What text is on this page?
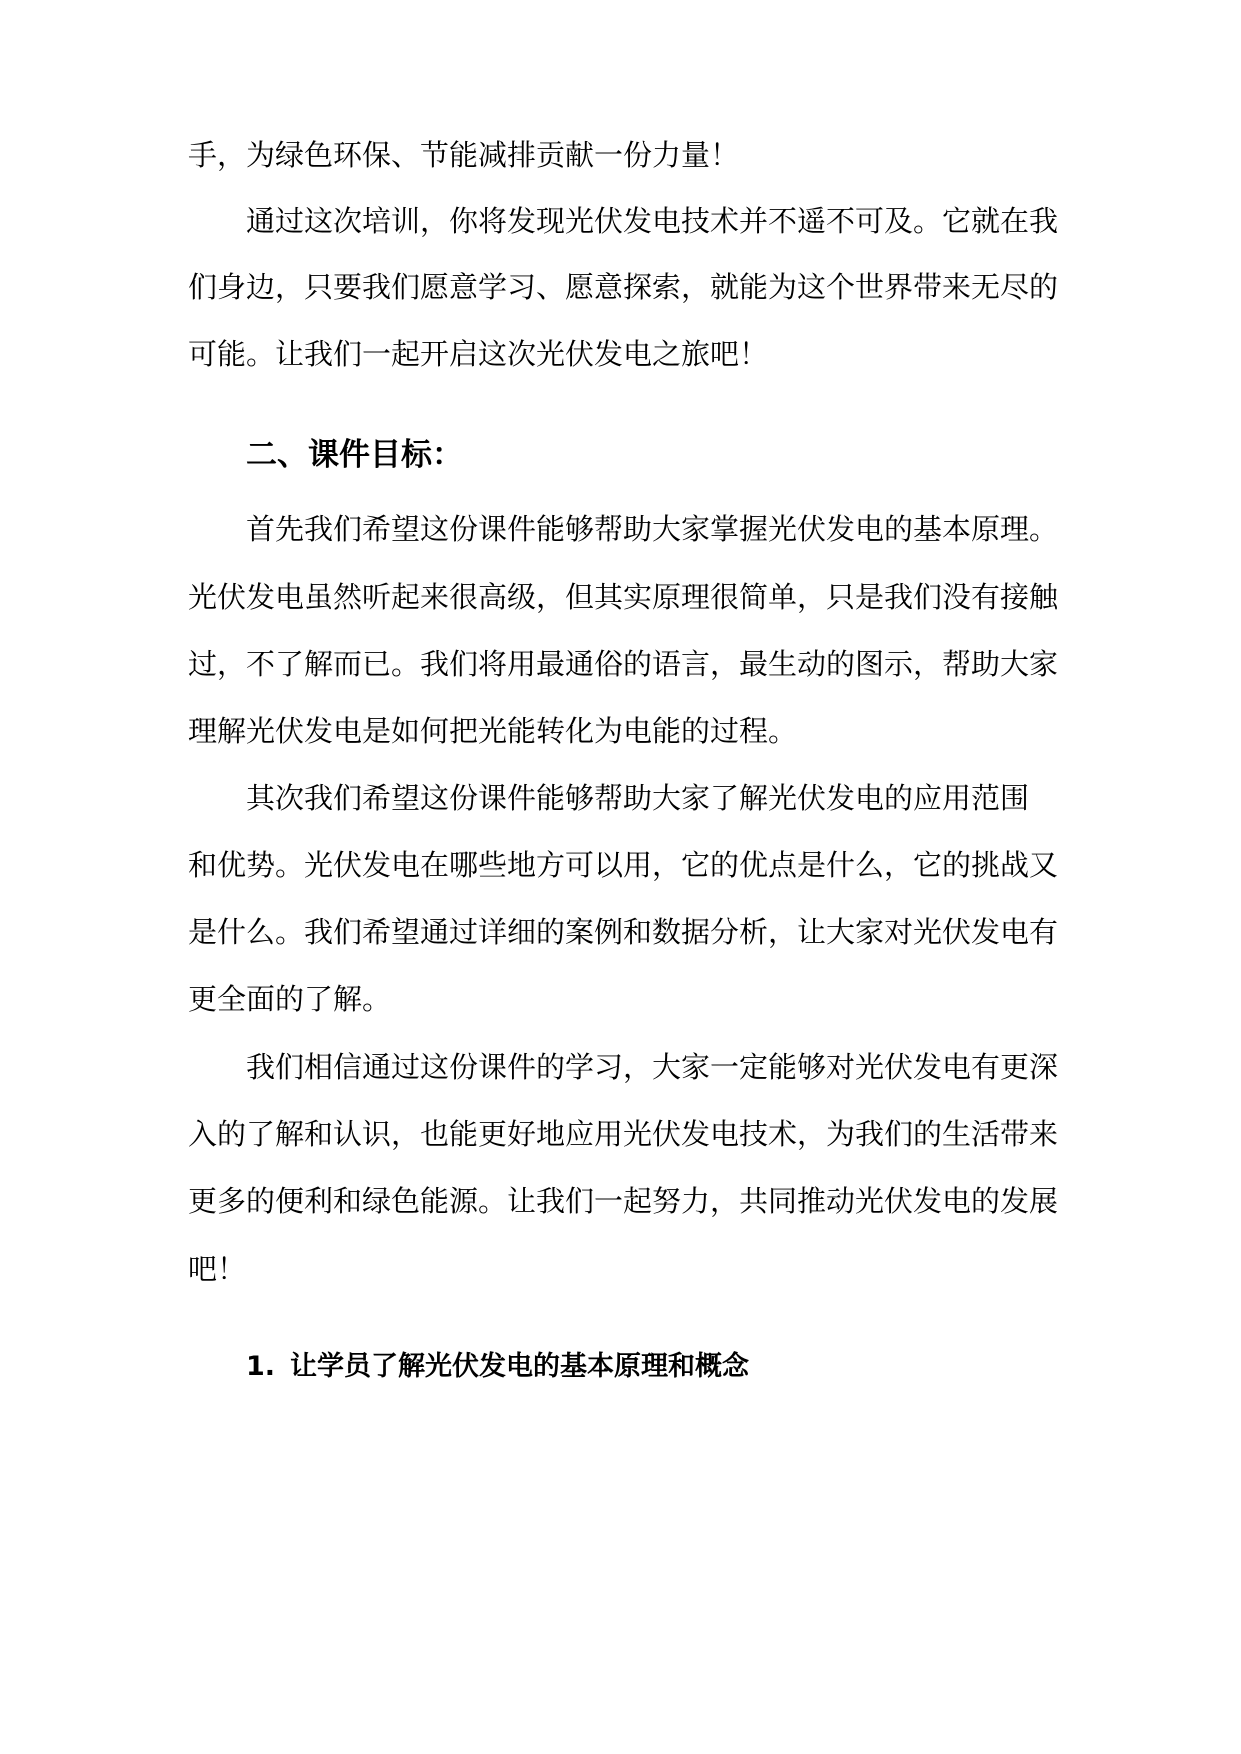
手，为绿色环保、节能减排贡献一份力量！

通过这次培训，你将发现光伏发电技术并不遥不可及。它就在我

们身边，只要我们愿意学习、愿意探索，就能为这个世界带来无尽的

可能。让我们一起开启这次光伏发电之旅吧！

二、课件目标：

首先我们希望这份课件能够帮助大家掌握光伏发电的基本原理。

光伏发电虽然听起来很高级，但其实原理很简单，只是我们没有接触

过，不了解而已。我们将用最通俗的语言，最生动的图示，帮助大家

理解光伏发电是如何把光能转化为电能的过程。

其次我们希望这份课件能够帮助大家了解光伏发电的应用范围

和优势。光伏发电在哪些地方可以用，它的优点是什么，它的挑战又

是什么。我们希望通过详细的案例和数据分析，让大家对光伏发电有

更全面的了解。

我们相信通过这份课件的学习，大家一定能够对光伏发电有更深

入的了解和认识，也能更好地应用光伏发电技术，为我们的生活带来

更多的便利和绿色能源。让我们一起努力，共同推动光伏发电的发展

吧！

1. 让学员了解光伏发电的基本原理和概念
